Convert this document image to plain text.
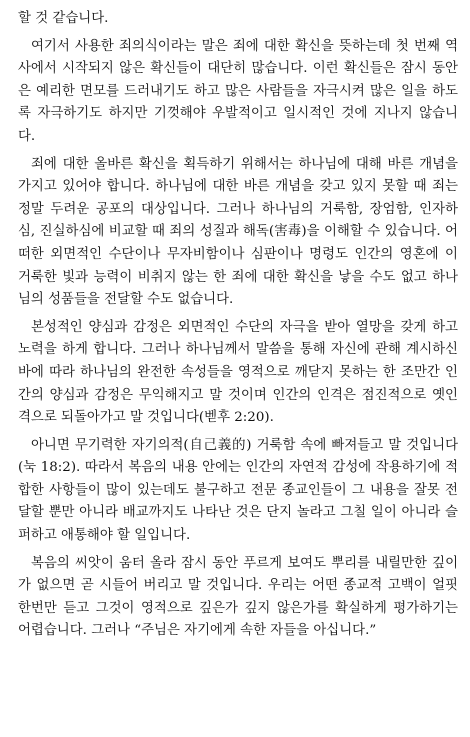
할 것 같습니다.
여기서 사용한 죄의식이라는 말은 죄에 대한 확신을 뜻하는데 첫 번째 역
사에서 시작되지 않은 확신들이 대단히 많습니다. 이런 확신들은 잠시 동안
은 예리한 면모를 드러내기도 하고 많은 사람들을 자극시켜 많은 일을 하도
록 자극하기도 하지만 기껏해야 우발적이고 일시적인 것에 지나지 않습니
다.
죄에 대한 올바른 확신을 획득하기 위해서는 하나님에 대해 바른 개념을
가지고 있어야 합니다. 하나님에 대한 바른 개념을 갖고 있지 못할 때 죄는
정말 두려운 공포의 대상입니다. 그러나 하나님의 거룩함, 장엄함, 인자하
심, 진실하심에 비교할 때 죄의 성질과 해독(害毒)을 이해할 수 있습니다. 어
떠한 외면적인 수단이나 무자비함이나 심판이나 명령도 인간의 영혼에 이
거룩한 빛과 능력이 비취지 않는 한 죄에 대한 확신을 낳을 수도 없고 하나
님의 성품들을 전달할 수도 없습니다.
본성적인 양심과 감정은 외면적인 수단의 자극을 받아 열망을 갖게 하고
노력을 하게 합니다. 그러나 하나님께서 말씀을 통해 자신에 관해 계시하신
바에 따라 하나님의 완전한 속성들을 영적으로 깨닫지 못하는 한 조만간 인
간의 양심과 감정은 무익해지고 말 것이며 인간의 인격은 점진적으로 옛인
격으로 되돌아가고 말 것입니다(벧후 2:20).
아니면 무기력한 자기의적(自己義的) 거룩함 속에 빠져들고 말 것입니다
(눅 18:2). 따라서 복음의 내용 안에는 인간의 자연적 감성에 작용하기에 적
합한 사항들이 많이 있는데도 불구하고 전문 종교인들이 그 내용을 잘못 전
달할 뿐만 아니라 배교까지도 나타난 것은 단지 놀라고 그칠 일이 아니라 슬
퍼하고 애통해야 할 일입니다.
복음의 씨앗이 움터 올라 잠시 동안 푸르게 보여도 뿌리를 내릴만한 깊이
가 없으면 곧 시들어 버리고 말 것입니다. 우리는 어떤 종교적 고백이 얼핏
한번만 듣고 그것이 영적으로 깊은가 깊지 않은가를 확실하게 평가하기는
어렵습니다. 그러나 “주님은 자기에게 속한 자들을 아십니다.”
